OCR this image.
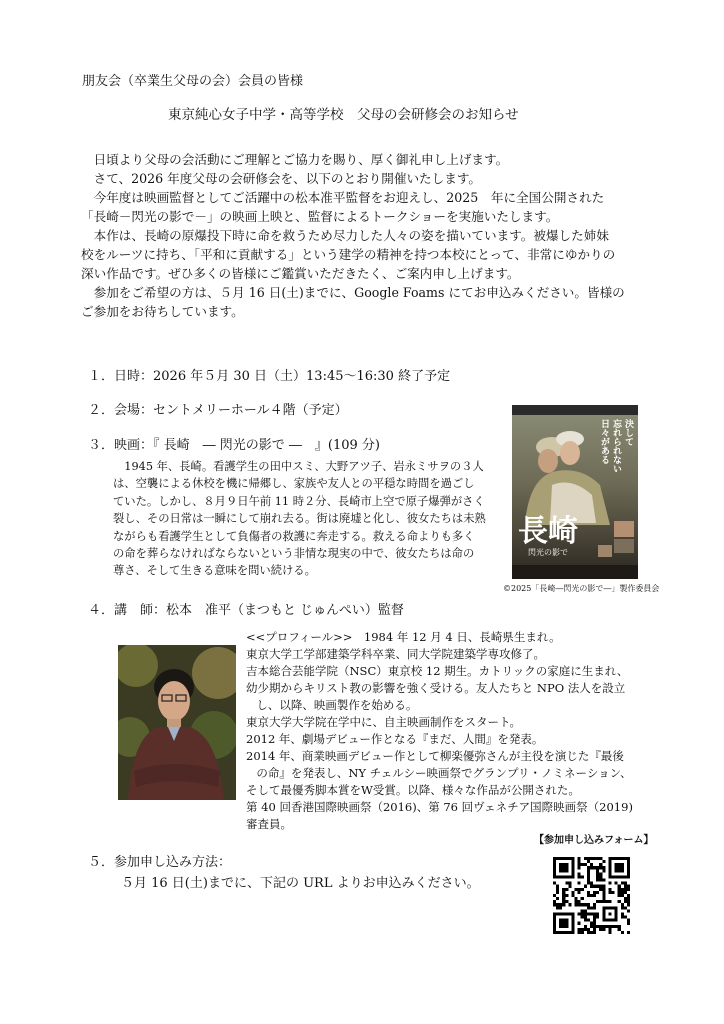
朋友会（卒業生父母の会）会員の皆様
東京純心女子中学・高等学校　父母の会研修会のお知らせ

日頃より父母の会活動にご理解とご協力を賜り、厚く御礼申し上げます。

さて、2026 年度父母の会研修会を、以下のとおり開催いたします。

今年度は映画監督としてご活躍中の松本准平監督をお迎えし、2025　年に全国公開された

「長崎－閃光の影で－」の映画上映と、監督によるトークショーを実施いたします。

本作は、長崎の原爆投下時に命を救うため尽力した人々の姿を描いています。被爆した姉妹

校をルーツに持ち、「平和に貢献する」という建学の精神を持つ本校にとって、非常にゆかりの

深い作品です。ぜひ多くの皆様にご鑑賞いただきたく、ご案内申し上げます。

参加をご希望の方は、５月 16 日(土)までに、Google Foams にてお申込みください。皆様の

ご参加をお待ちしています。

１．日時：2026 年５月 30 日（土）13:45～16:30 終了予定
２．会場：セントメリーホール４階（予定）
３．映画：『 長崎　― 閃光の影で ―　』(109 分)

1945 年、長崎。看護学生の田中スミ、大野アツ子、岩永ミサヲの３人

は、空襲による休校を機に帰郷し、家族や友人との平穏な時間を過ごし

ていた。しかし、８月９日午前 11 時２分、長崎市上空で原子爆弾がさく

裂し、その日常は一瞬にして崩れ去る。街は廃墟と化し、彼女たちは未熟

ながらも看護学生として負傷者の救護に奔走する。救える命よりも多く

の命を葬らなければならないという非情な現実の中で、彼女たちは命の

尊さ、そして生きる意味を問い続ける。

決して
忘れられない
日々がある
長崎
閃光の影で
©2025「長崎―閃光の影で―」製作委員会
４．講　師：松本　准平（まつもと じゅんぺい）監督

<<プロフィール>>　1984 年 12 月 4 日、長崎県生まれ。

東京大学工学部建築学科卒業、同大学院建築学専攻修了。

吉本総合芸能学院（NSC）東京校 12 期生。カトリックの家庭に生まれ、

幼少期からキリスト教の影響を強く受ける。友人たちと NPO 法人を設立

し、以降、映画製作を始める。

東京大学大学院在学中に、自主映画制作をスタート。

2012 年、劇場デビュー作となる『まだ、人間』を発表。

2014 年、商業映画デビュー作として柳楽優弥さんが主役を演じた『最後

の命』を発表し、NY チェルシー映画祭でグランプリ・ノミネーション、

そして最優秀脚本賞をW受賞。以降、様々な作品が公開された。

第 40 回香港国際映画祭（2016)、第 76 回ヴェネチア国際映画祭（2019)

審査員。

【参加申し込みフォーム】
５．参加申し込み方法：
５月 16 日(土)までに、下記の URL よりお申込みください。
